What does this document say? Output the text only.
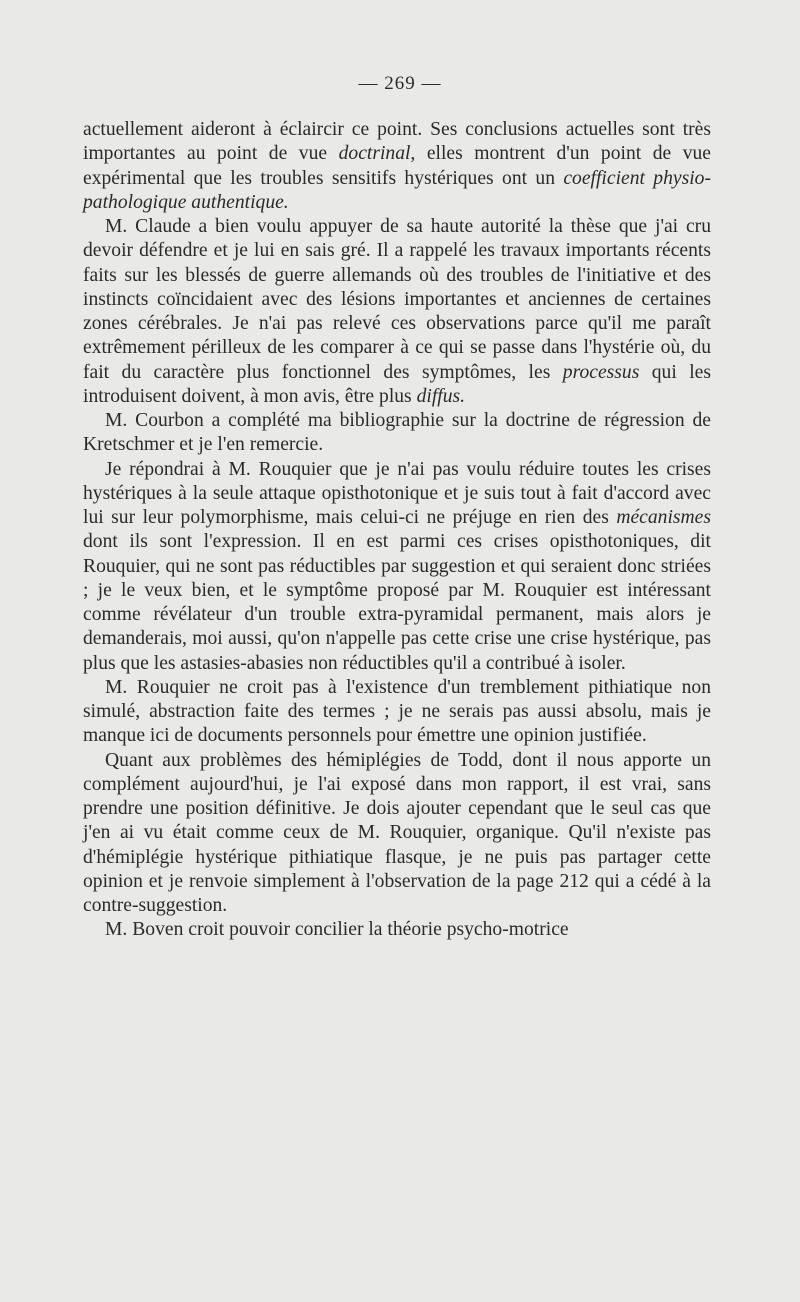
— 269 —

actuellement aideront à éclaircir ce point. Ses conclusions actuelles sont très importantes au point de vue doctrinal, elles montrent d'un point de vue expérimental que les troubles sensitifs hystériques ont un coefficient physio-pathologique authentique.

M. Claude a bien voulu appuyer de sa haute autorité la thèse que j'ai cru devoir défendre et je lui en sais gré. Il a rappelé les travaux importants récents faits sur les blessés de guerre allemands où des troubles de l'initiative et des instincts coïncidaient avec des lésions importantes et anciennes de certaines zones cérébrales. Je n'ai pas relevé ces observations parce qu'il me paraît extrêmement périlleux de les comparer à ce qui se passe dans l'hystérie où, du fait du caractère plus fonctionnel des symptômes, les processus qui les introduisent doivent, à mon avis, être plus diffus.

M. Courbon a complété ma bibliographie sur la doctrine de régression de Kretschmer et je l'en remercie.

Je répondrai à M. Rouquier que je n'ai pas voulu réduire toutes les crises hystériques à la seule attaque opisthotonique et je suis tout à fait d'accord avec lui sur leur polymorphisme, mais celui-ci ne préjuge en rien des mécanismes dont ils sont l'expression. Il en est parmi ces crises opisthotoniques, dit Rouquier, qui ne sont pas réductibles par suggestion et qui seraient donc striées ; je le veux bien, et le symptôme proposé par M. Rouquier est intéressant comme révélateur d'un trouble extra-pyramidal permanent, mais alors je demanderais, moi aussi, qu'on n'appelle pas cette crise une crise hystérique, pas plus que les astasies-abasies non réductibles qu'il a contribué à isoler.

M. Rouquier ne croit pas à l'existence d'un tremblement pithiatique non simulé, abstraction faite des termes ; je ne serais pas aussi absolu, mais je manque ici de documents personnels pour émettre une opinion justifiée.

Quant aux problèmes des hémiplégies de Todd, dont il nous apporte un complément aujourd'hui, je l'ai exposé dans mon rapport, il est vrai, sans prendre une position définitive. Je dois ajouter cependant que le seul cas que j'en ai vu était comme ceux de M. Rouquier, organique. Qu'il n'existe pas d'hémiplégie hystérique pithiatique flasque, je ne puis pas partager cette opinion et je renvoie simplement à l'observation de la page 212 qui a cédé à la contre-suggestion.

M. Boven croit pouvoir concilier la théorie psycho-motrice
